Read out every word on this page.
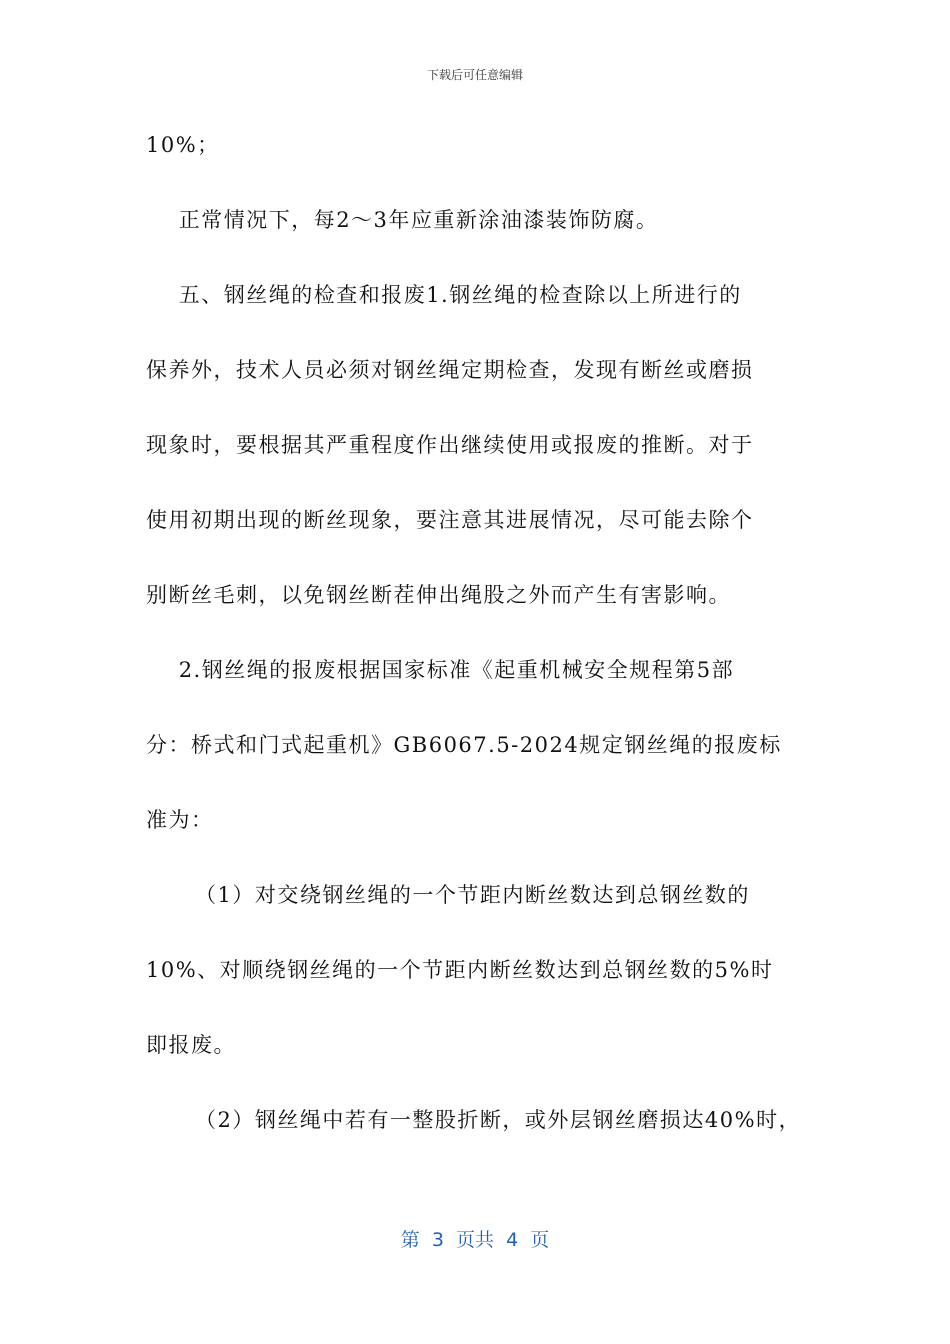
下载后可任意编辑
10%；
正常情况下，每2～3年应重新涂油漆装饰防腐。
五、钢丝绳的检查和报废1.钢丝绳的检查除以上所进行的
保养外，技术人员必须对钢丝绳定期检查，发现有断丝或磨损
现象时，要根据其严重程度作出继续使用或报废的推断。对于
使用初期出现的断丝现象，要注意其进展情况，尽可能去除个
别断丝毛刺，以免钢丝断茬伸出绳股之外而产生有害影响。
2.钢丝绳的报废根据国家标准《起重机械安全规程第5部
分：桥式和门式起重机》GB6067.5-2024规定钢丝绳的报废标
准为：
（1）对交绕钢丝绳的一个节距内断丝数达到总钢丝数的
10%、对顺绕钢丝绳的一个节距内断丝数达到总钢丝数的5%时
即报废。
（2）钢丝绳中若有一整股折断，或外层钢丝磨损达40%时，
第  3  页共  4  页
